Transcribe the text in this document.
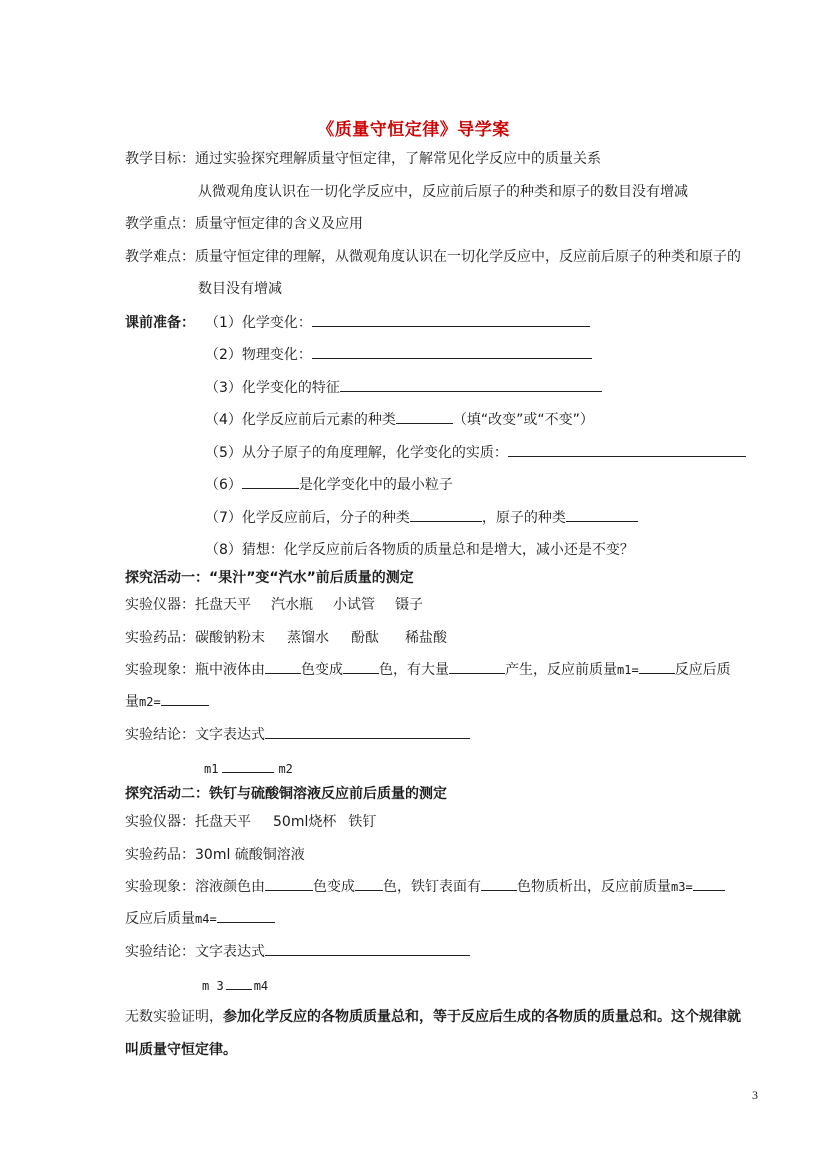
《质量守恒定律》导学案
教学目标：通过实验探究理解质量守恒定律，了解常见化学反应中的质量关系
从微观角度认识在一切化学反应中，反应前后原子的种类和原子的数目没有增减
教学重点：质量守恒定律的含义及应用
教学难点：质量守恒定律的理解，从微观角度认识在一切化学反应中，反应前后原子的种类和原子的
数目没有增减
课前准备： （1）化学变化：
（2）物理变化：
（3）化学变化的特征
（4）化学反应前后元素的种类	（填“改变”或“不变”）
（5）从分子原子的角度理解，化学变化的实质：
（6）	是化学变化中的最小粒子
（7）化学反应前后，分子的种类	，原子的种类
（8）猜想：化学反应前后各物质的质量总和是增大，减小还是不变？
探究活动一：“果汁”变“汽水”前后质量的测定
实验仪器：托盘天平 汽水瓶 小试管 镊子
实验药品：碳酸钠粉末 蒸馏水 酚酞 稀盐酸
实验现象：瓶中液体由	色变成	色，有大量	产生，反应前质量m1=	反应后质
量m2=
实验结论：文字表达式
m1	m2
探究活动二：铁钉与硫酸铜溶液反应前后质量的测定
实验仪器：托盘天平 50ml烧杯 铁钉
实验药品：30ml 硫酸铜溶液
实验现象：溶液颜色由	色变成 色，铁钉表面有	色物质析出，反应前质量m3=
反应后质量m4=
实验结论：文字表达式
m 3	m4
无数实验证明，参加化学反应的各物质质量总和，等于反应后生成的各物质的质量总和。这个规律就
叫质量守恒定律。
3
